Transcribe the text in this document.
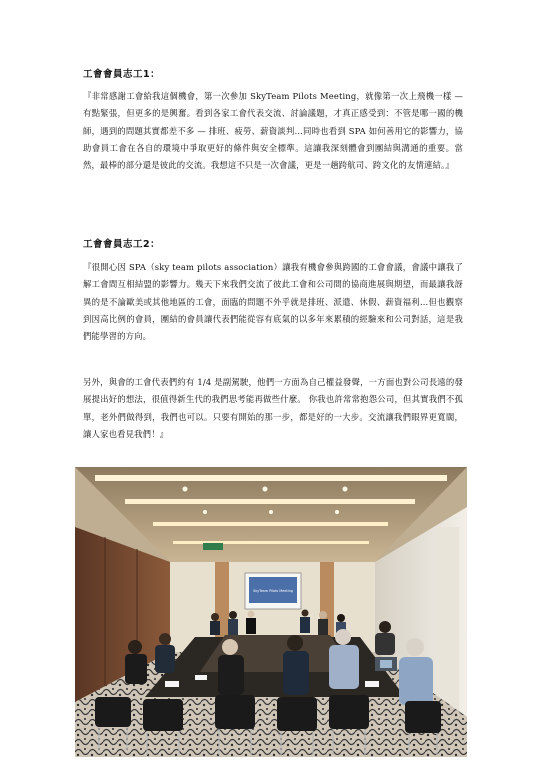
工會會員志工1：
『非常感謝工會給我這個機會，第一次參加 SkyTeam Pilots Meeting，就像第一次上飛機一樣 — 有點緊張，但更多的是興奮。看到各家工會代表交流、討論議題，才真正感受到：不管是哪一國的機師，遇到的問題其實都差不多 — 排班、疲勞、薪資談判…同時也看到 SPA 如何善用它的影響力，協助會員工會在各自的環境中爭取更好的條件與安全標準。這讓我深刻體會到團結與溝通的重要。當然，最棒的部分還是彼此的交流。我想這不只是一次會議，更是一趟跨航司、跨文化的友情連結。』
工會會員志工2：
『很開心因 SPA（sky team pilots association）讓我有機會參與跨國的工會會議，會議中讓我了解工會間互相結盟的影響力。幾天下來我們交流了彼此工會和公司間的協商進展與期望，而最讓我訝異的是不論歐美或其他地區的工會，面臨的問題不外乎就是排班、派遣、休假、薪資福利…但也觀察到因高比例的會員，團結的會員讓代表們能從容有底氣的以多年來累積的經驗來和公司對話，這是我們能學習的方向。
另外，與會的工會代表們約有 1/4 是副駕駛，他們一方面為自己權益發聲，一方面也對公司長遠的發展提出好的想法，很值得新生代的我們思考能再做些什麼。 你我也許常常抱怨公司，但其實我們不孤單，老外們做得到，我們也可以。只要有開始的那一步，都是好的一大步。交流讓我們眼界更寬闊，讓人家也看見我們！』
SkyTeam Pilots Meeting
